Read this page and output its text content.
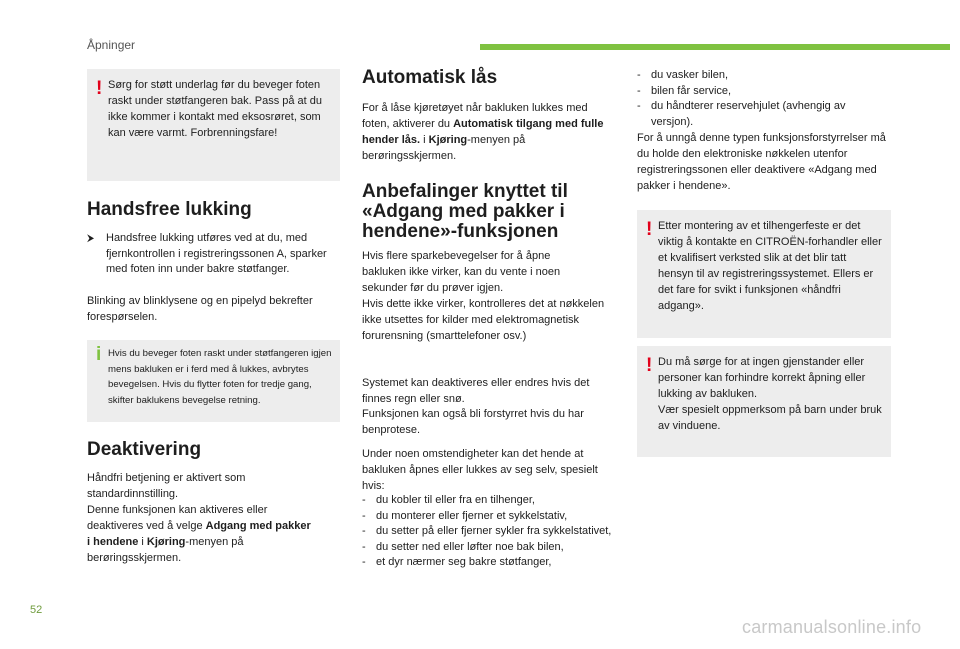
Åpninger
52
carmanualsonline.info
! Sørg for støtt underlag før du beveger foten raskt under støtfangeren bak. Pass på at du ikke kommer i kontakt med eksosrøret, som kan være varmt. Forbrenningsfare!

Handsfree lukking
⮞	Handsfree lukking utføres ved at du, med fjernkontrollen i registreringssonen A, sparker med foten inn under bakre støtfanger.

Blinking av blinklysene og en pipelyd bekrefter forespørselen.

i Hvis du beveger foten raskt under støtfangeren igjen mens bakluken er i ferd med å lukkes, avbrytes bevegelsen. Hvis du flytter foten for tredje gang, skifter baklukens bevegelse retning.

Deaktivering

Håndfri betjening er aktivert som standardinnstilling.

Denne funksjonen kan aktiveres eller deaktiveres ved å velge Adgang med pakker i hendene i Kjøring-menyen på berøringsskjermen.

Automatisk lås

For å låse kjøretøyet når bakluken lukkes med foten, aktiverer du Automatisk tilgang med fulle hender lås. i Kjøring-menyen på berøringsskjermen.

Anbefalinger knyttet til «Adgang med pakker i hendene»-funksjonen

Hvis flere sparkebevegelser for å åpne bakluken ikke virker, kan du vente i noen sekunder før du prøver igjen.

Hvis dette ikke virker, kontrolleres det at nøkkelen ikke utsettes for kilder med elektromagnetisk forurensning (smarttelefoner osv.)

Systemet kan deaktiveres eller endres hvis det finnes regn eller snø.

Funksjonen kan også bli forstyrret hvis du har benprotese.

Under noen omstendigheter kan det hende at bakluken åpnes eller lukkes av seg selv, spesielt hvis:

- du kobler til eller fra en tilhenger,
- du monterer eller fjerner et sykkelstativ,
- du setter på eller fjerner sykler fra sykkelstativet,
- du setter ned eller løfter noe bak bilen,
- et dyr nærmer seg bakre støtfanger,
- du vasker bilen,
- bilen får service,
- du håndterer reservehjulet (avhengig av versjon).

For å unngå denne typen funksjonsforstyrrelser må du holde den elektroniske nøkkelen utenfor registreringssonen eller deaktivere «Adgang med pakker i hendene».

! Etter montering av et tilhengerfeste er det viktig å kontakte en CITROËN-forhandler eller et kvalifisert verksted slik at det blir tatt hensyn til av registreringssystemet. Ellers er det fare for svikt i funksjonen «håndfri adgang».

! Du må sørge for at ingen gjenstander eller personer kan forhindre korrekt åpning eller lukking av bakluken.

Vær spesielt oppmerksom på barn under bruk av vinduene.
